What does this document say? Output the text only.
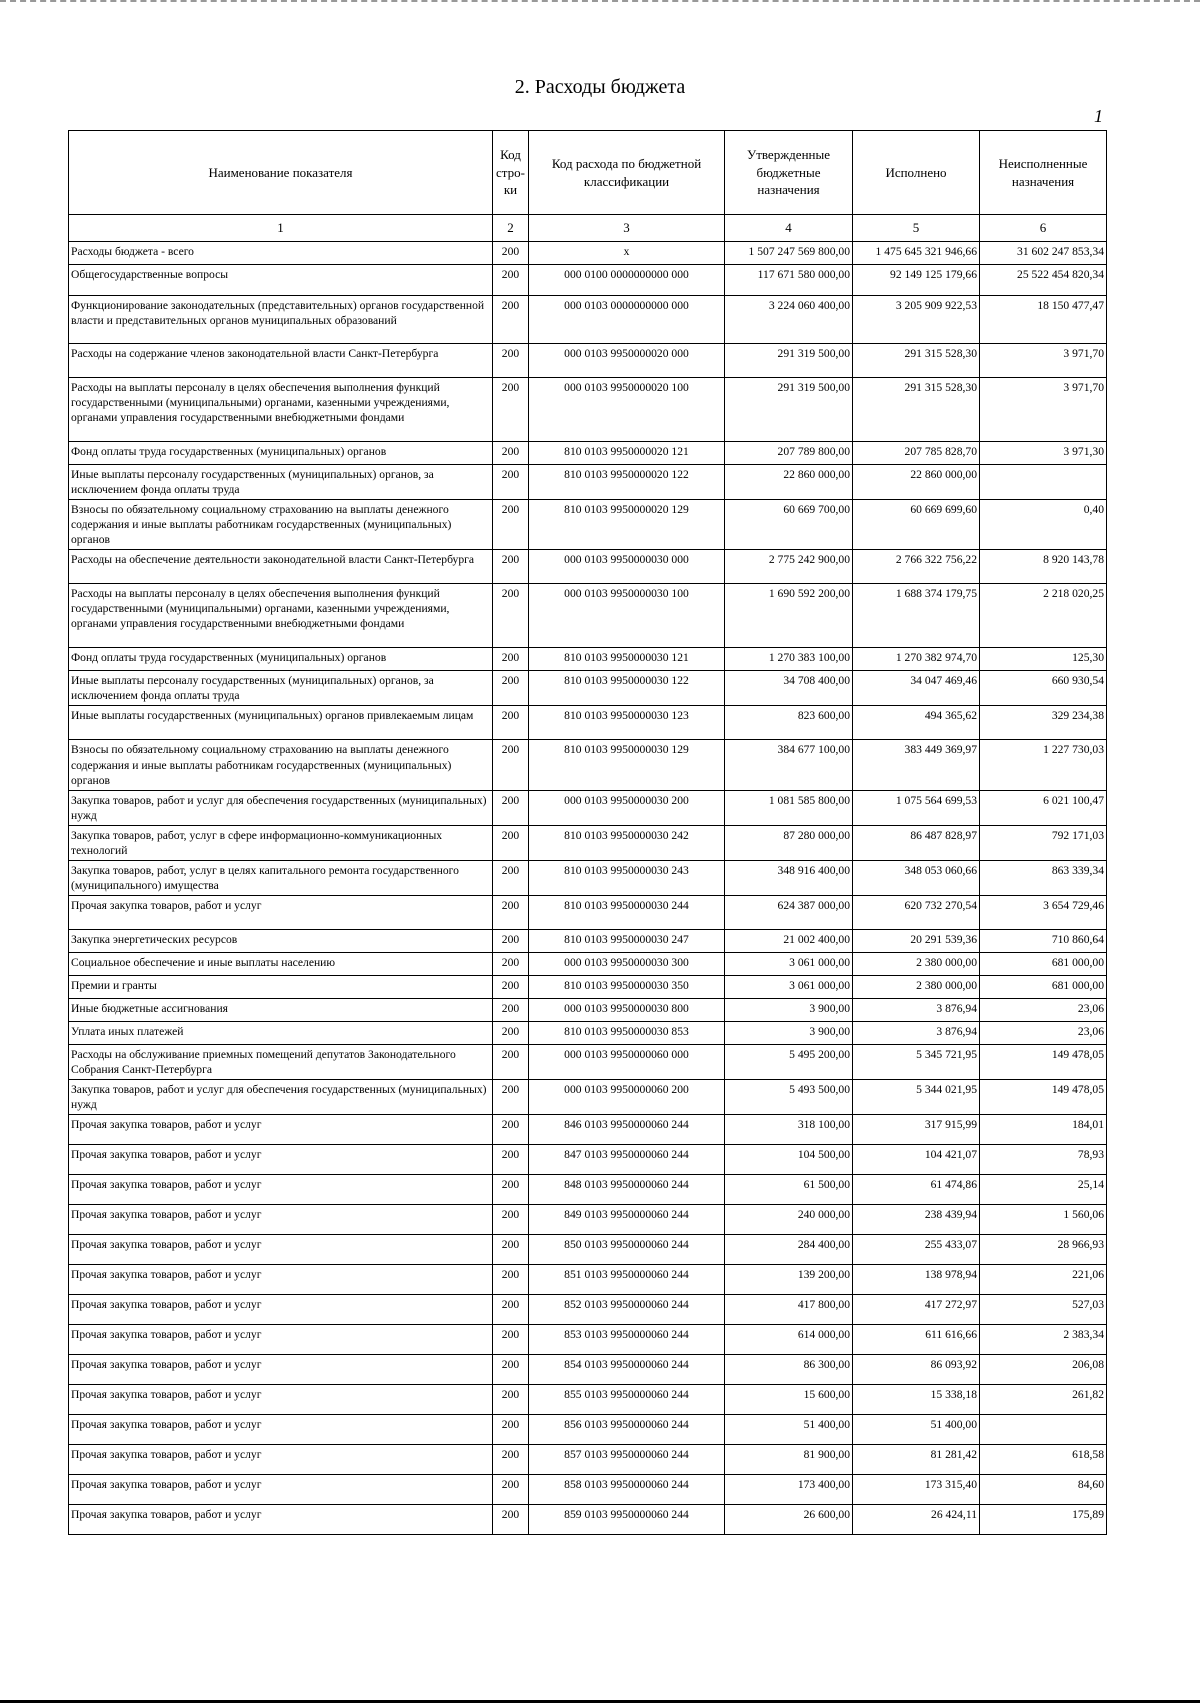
2. Расходы бюджета
1
Наименование показателя	Код стро-ки	Код расхода по бюджетной классификации	Утвержденные бюджетные назначения	Исполнено	Неисполненные назначения
1	2	3	4	5	6
Расходы бюджета - всего	200	x	1 507 247 569 800,00	1 475 645 321 946,66	31 602 247 853,34
Общегосударственные вопросы	200	000 0100 0000000000 000	117 671 580 000,00	92 149 125 179,66	25 522 454 820,34
Функционирование законодательных (представительных) органов государственной власти и представительных органов муниципальных образований	200	000 0103 0000000000 000	3 224 060 400,00	3 205 909 922,53	18 150 477,47
Расходы на содержание членов законодательной власти Санкт-Петербурга	200	000 0103 9950000020 000	291 319 500,00	291 315 528,30	3 971,70
Расходы на выплаты персоналу в целях обеспечения выполнения функций государственными (муниципальными) органами, казенными учреждениями, органами управления государственными внебюджетными фондами	200	000 0103 9950000020 100	291 319 500,00	291 315 528,30	3 971,70
Фонд оплаты труда государственных (муниципальных) органов	200	810 0103 9950000020 121	207 789 800,00	207 785 828,70	3 971,30
Иные выплаты персоналу государственных (муниципальных) органов, за исключением фонда оплаты труда	200	810 0103 9950000020 122	22 860 000,00	22 860 000,00	
Взносы по обязательному социальному страхованию на выплаты денежного содержания и иные выплаты работникам государственных (муниципальных) органов	200	810 0103 9950000020 129	60 669 700,00	60 669 699,60	0,40
Расходы на обеспечение деятельности законодательной власти Санкт-Петербурга	200	000 0103 9950000030 000	2 775 242 900,00	2 766 322 756,22	8 920 143,78
Расходы на выплаты персоналу в целях обеспечения выполнения функций государственными (муниципальными) органами, казенными учреждениями, органами управления государственными внебюджетными фондами	200	000 0103 9950000030 100	1 690 592 200,00	1 688 374 179,75	2 218 020,25
Фонд оплаты труда государственных (муниципальных) органов	200	810 0103 9950000030 121	1 270 383 100,00	1 270 382 974,70	125,30
Иные выплаты персоналу государственных (муниципальных) органов, за исключением фонда оплаты труда	200	810 0103 9950000030 122	34 708 400,00	34 047 469,46	660 930,54
Иные выплаты государственных (муниципальных) органов привлекаемым лицам	200	810 0103 9950000030 123	823 600,00	494 365,62	329 234,38
Взносы по обязательному социальному страхованию на выплаты денежного содержания и иные выплаты работникам государственных (муниципальных) органов	200	810 0103 9950000030 129	384 677 100,00	383 449 369,97	1 227 730,03
Закупка товаров, работ и услуг для обеспечения государственных (муниципальных) нужд	200	000 0103 9950000030 200	1 081 585 800,00	1 075 564 699,53	6 021 100,47
Закупка товаров, работ, услуг в сфере информационно-коммуникационных технологий	200	810 0103 9950000030 242	87 280 000,00	86 487 828,97	792 171,03
Закупка товаров, работ, услуг в целях капитального ремонта государственного (муниципального) имущества	200	810 0103 9950000030 243	348 916 400,00	348 053 060,66	863 339,34
Прочая закупка товаров, работ и услуг	200	810 0103 9950000030 244	624 387 000,00	620 732 270,54	3 654 729,46
Закупка энергетических ресурсов	200	810 0103 9950000030 247	21 002 400,00	20 291 539,36	710 860,64
Социальное обеспечение и иные выплаты населению	200	000 0103 9950000030 300	3 061 000,00	2 380 000,00	681 000,00
Премии и гранты	200	810 0103 9950000030 350	3 061 000,00	2 380 000,00	681 000,00
Иные бюджетные ассигнования	200	000 0103 9950000030 800	3 900,00	3 876,94	23,06
Уплата иных платежей	200	810 0103 9950000030 853	3 900,00	3 876,94	23,06
Расходы на обслуживание приемных помещений депутатов Законодательного Собрания Санкт-Петербурга	200	000 0103 9950000060 000	5 495 200,00	5 345 721,95	149 478,05
Закупка товаров, работ и услуг для обеспечения государственных (муниципальных) нужд	200	000 0103 9950000060 200	5 493 500,00	5 344 021,95	149 478,05
Прочая закупка товаров, работ и услуг	200	846 0103 9950000060 244	318 100,00	317 915,99	184,01
Прочая закупка товаров, работ и услуг	200	847 0103 9950000060 244	104 500,00	104 421,07	78,93
Прочая закупка товаров, работ и услуг	200	848 0103 9950000060 244	61 500,00	61 474,86	25,14
Прочая закупка товаров, работ и услуг	200	849 0103 9950000060 244	240 000,00	238 439,94	1 560,06
Прочая закупка товаров, работ и услуг	200	850 0103 9950000060 244	284 400,00	255 433,07	28 966,93
Прочая закупка товаров, работ и услуг	200	851 0103 9950000060 244	139 200,00	138 978,94	221,06
Прочая закупка товаров, работ и услуг	200	852 0103 9950000060 244	417 800,00	417 272,97	527,03
Прочая закупка товаров, работ и услуг	200	853 0103 9950000060 244	614 000,00	611 616,66	2 383,34
Прочая закупка товаров, работ и услуг	200	854 0103 9950000060 244	86 300,00	86 093,92	206,08
Прочая закупка товаров, работ и услуг	200	855 0103 9950000060 244	15 600,00	15 338,18	261,82
Прочая закупка товаров, работ и услуг	200	856 0103 9950000060 244	51 400,00	51 400,00	
Прочая закупка товаров, работ и услуг	200	857 0103 9950000060 244	81 900,00	81 281,42	618,58
Прочая закупка товаров, работ и услуг	200	858 0103 9950000060 244	173 400,00	173 315,40	84,60
Прочая закупка товаров, работ и услуг	200	859 0103 9950000060 244	26 600,00	26 424,11	175,89
